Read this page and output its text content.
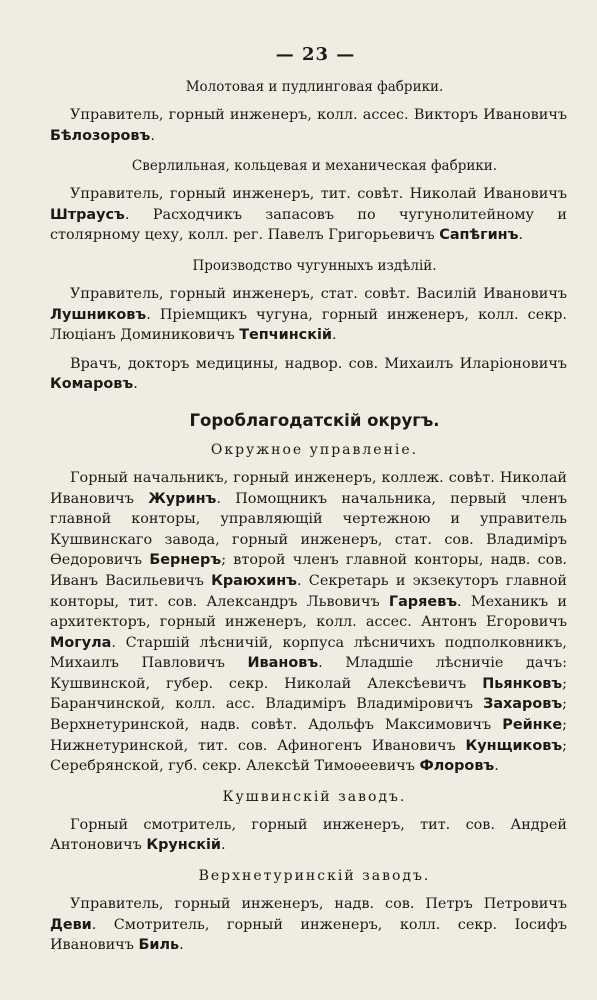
— 23 —
Молотовая и пудлинговая фабрики.

Управитель, горный инженеръ, колл. ассес. Викторъ Ивановичъ Бѣлозоровъ.

Сверлильная, кольцевая и механическая фабрики.

Управитель, горный инженеръ, тит. совѣт. Николай Ивановичъ Штраусъ. Расходчикъ запасовъ по чугунолитейному и столярному цеху, колл. рег. Павелъ Григорьевичъ Сапѣгинъ.

Производство чугунныхъ издѣлій.

Управитель, горный инженеръ, стат. совѣт. Василій Ивановичъ Лушниковъ. Пріемщикъ чугуна, горный инженеръ, колл. секр. Люціанъ Доминиковичъ Тепчинскій.

Врачъ, докторъ медицины, надвор. сов. Михаилъ Иларіоновичъ Комаровъ.

Гороблагодатскій округъ.
Окружное управленіе.

Горный начальникъ, горный инженеръ, коллеж. совѣт. Николай Ивановичъ Журинъ. Помощникъ начальника, первый членъ главной конторы, управляющій чертежною и управитель Кушвинскаго завода, горный инженеръ, стат. сов. Владиміръ Ѳедоровичъ Бернеръ; второй членъ главной конторы, надв. сов. Иванъ Васильевичъ Краюхинъ. Секретарь и экзекуторъ главной конторы, тит. сов. Александръ Львовичъ Гаряевъ. Механикъ и архитекторъ, горный инженеръ, колл. ассес. Антонъ Егоровичъ Могула. Старшій лѣсничій, корпуса лѣсничихъ подполковникъ, Михаилъ Павловичъ Ивановъ. Младшіе лѣсничіе дачъ: Кушвинской, губер. секр. Николай Алексѣевичъ Пьянковъ; Баранчинской, колл. асс. Владиміръ Владиміровичъ Захаровъ; Верхнетуринской, надв. совѣт. Адольфъ Максимовичъ Рейнке; Нижнетуринской, тит. сов. Афиногенъ Ивановичъ Кунщиковъ; Серебрянской, губ. секр. Алексѣй Тимоѳеевичъ Флоровъ.

Кушвинскій заводъ.

Горный смотритель, горный инженеръ, тит. сов. Андрей Антоновичъ Крунскій.

Верхнетуринскій заводъ.

Управитель, горный инженеръ, надв. сов. Петръ Петровичъ Деви. Смотритель, горный инженеръ, колл. секр. Іосифъ Ивановичъ Биль.
